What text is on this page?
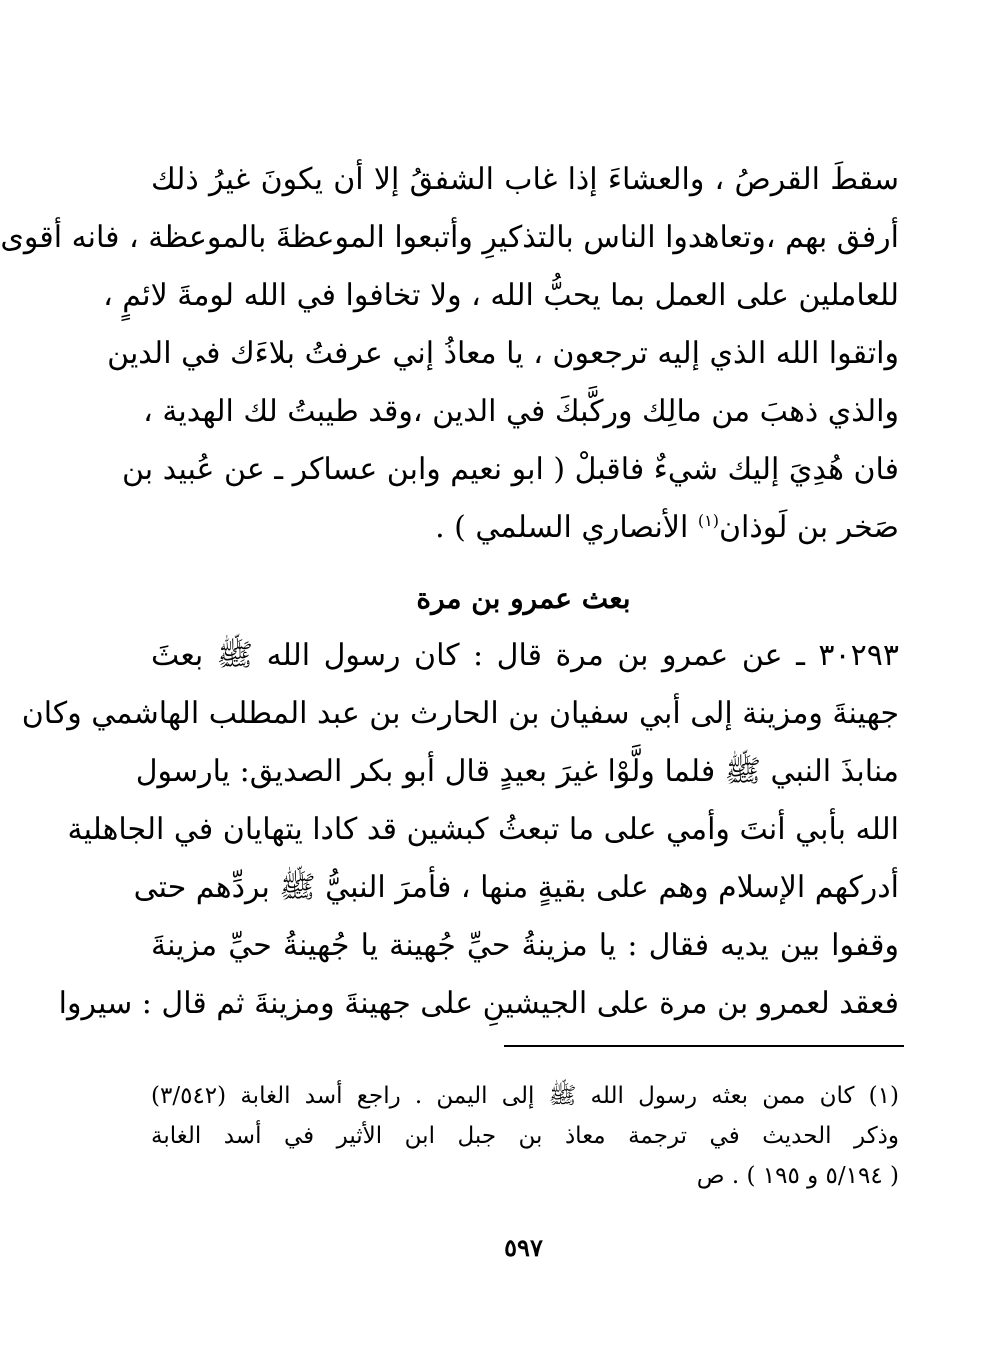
سقطَ القرصُ ، والعشاءَ إذا غاب الشفقُ إلا أن يكونَ غيرُ ذلك
أرفق بهم ،وتعاهدوا الناس بالتذكيرِ وأتبعوا الموعظةَ بالموعظة ، فانه أقوى
للعاملين على العمل بما يحبُّ الله ، ولا تخافوا في الله لومةَ لائمٍ ،
واتقوا الله الذي إليه ترجعون ، يا معاذُ إني عرفتُ بلاءَك في الدين
والذي ذهبَ من مالِك وركَّبكَ في الدين ،وقد طيبتُ لك الهدية ،
فان هُدِيَ إليك شيءٌ فاقبلْ ( ابو نعيم وابن عساكر ـ عن عُبيد بن
صَخر بن لَوذان$^{(١)}$ الأنصاري السلمي ) .
بعث عمرو بن مرة
٣٠٢٩٣ ـ عن عمرو بن مرة قال : كان رسول الله ﷺ بعثَ
جهينةَ ومزينة إلى أبي سفيان بن الحارث بن عبد المطلب الهاشمي وكان
منابذَ النبي ﷺ فلما ولَّوْا غيرَ بعيدٍ قال أبو بكر الصديق: يارسول
الله بأبي أنتَ وأمي على ما تبعثُ كبشين قد كادا يتهايان في الجاهلية
أدركهم الإسلام وهم على بقيةٍ منها ، فأمرَ النبيُّ ﷺ بردِّهم حتى
وقفوا بين يديه فقال : يا مزينةُ حيِّ جُهينة يا جُهينةُ حيِّ مزينةَ
فعقد لعمرو بن مرة على الجيشينِ على جهينةَ ومزينةَ ثم قال : سيروا
(١) كان ممن بعثه رسول الله ﷺ إلى اليمن . راجع أسد الغابة (٣/٥٤٢)
وذكر الحديث في ترجمة معاذ بن جبل ابن الأثير في أسد الغابة
( ٥/١٩٤ و ١٩٥ ) . ص
٥٩٧
